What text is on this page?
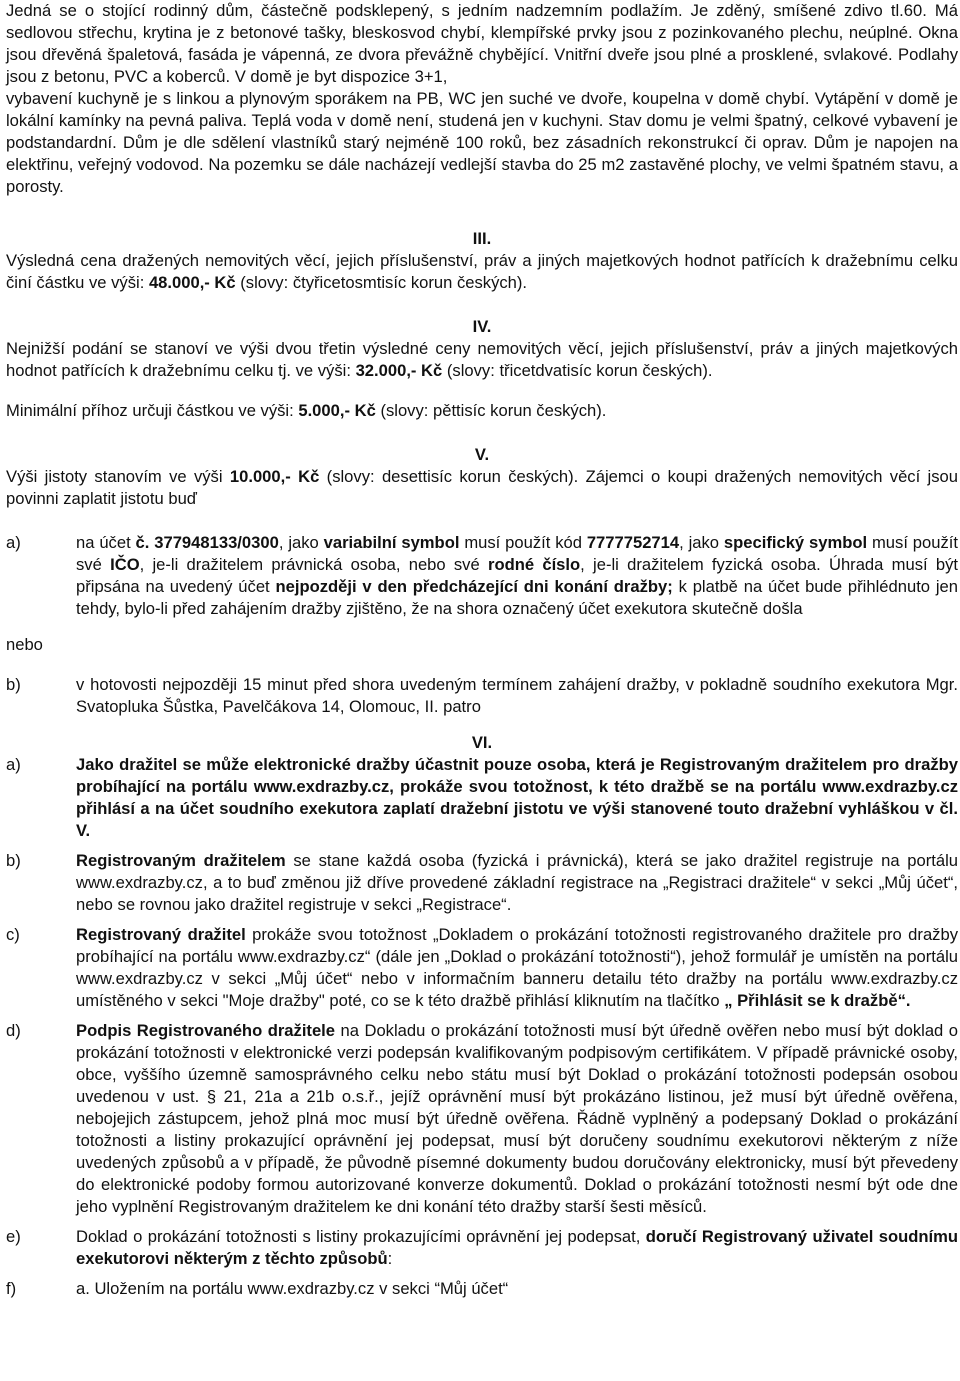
Jedná se o stojící rodinný dům, částečně podsklepený, s jedním nadzemním podlažím. Je zděný, smíšené zdivo tl.60. Má sedlovou střechu, krytina je z betonové tašky, bleskosvod chybí, klempířské prvky jsou z pozinkovaného plechu, neúplné. Okna jsou dřevěná špaletová, fasáda je vápenná, ze dvora převážně chybějící. Vnitřní dveře jsou plné a prosklené, svlakové. Podlahy jsou z betonu, PVC a koberců. V domě je byt dispozice 3+1,

vybavení kuchyně je s linkou a plynovým sporákem na PB, WC jen suché ve dvoře, koupelna v domě chybí. Vytápění v domě je lokální kamínky na pevná paliva. Teplá voda v domě není, studená jen v kuchyni. Stav domu je velmi špatný, celkové vybavení je podstandardní. Dům je dle sdělení vlastníků starý nejméně 100 roků, bez zásadních rekonstrukcí či oprav. Dům je napojen na elektřinu, veřejný vodovod. Na pozemku se dále nacházejí vedlejší stavba do 25 m2 zastavěné plochy, ve velmi špatném stavu, a porosty.

III.

Výsledná cena dražených nemovitých věcí, jejich příslušenství, práv a jiných majetkových hodnot patřících k dražebnímu celku činí částku ve výši: 48.000,- Kč (slovy: čtyřicetosmtisíc korun českých).

IV.

Nejnižší podání se stanoví ve výši dvou třetin výsledné ceny nemovitých věcí, jejich příslušenství, práv a jiných majetkových hodnot patřících k dražebnímu celku tj. ve výši: 32.000,- Kč (slovy: třicetdvatisíc korun českých).

Minimální příhoz určuji částkou ve výši: 5.000,- Kč (slovy: pěttisíc korun českých).

V.

Výši jistoty stanovím ve výši 10.000,- Kč (slovy: desettisíc korun českých). Zájemci o koupi dražených nemovitých věcí jsou povinni zaplatit jistotu buď

a)	na účet č. 377948133/0300, jako variabilní symbol musí použít kód 7777752714, jako specifický symbol musí použít své IČO, je-li dražitelem právnická osoba, nebo své rodné číslo, je-li dražitelem fyzická osoba. Úhrada musí být připsána na uvedený účet nejpozději v den předcházející dni konání dražby; k platbě na účet bude přihlédnuto jen tehdy, bylo-li před zahájením dražby zjištěno, že na shora označený účet exekutora skutečně došla

nebo

b)	v hotovosti nejpozději 15 minut před shora uvedeným termínem zahájení dražby, v pokladně soudního exekutora Mgr. Svatopluka Šůstka, Pavelčákova 14, Olomouc, II. patro

VI.

a)	Jako dražitel se může elektronické dražby účastnit pouze osoba, která je Registrovaným dražitelem pro dražby probíhající na portálu www.exdrazby.cz, prokáže svou totožnost, k této dražbě se na portálu www.exdrazby.cz přihlásí a na účet soudního exekutora zaplatí dražební jistotu ve výši stanovené touto dražební vyhláškou v čl. V.
b)	Registrovaným dražitelem se stane každá osoba (fyzická i právnická), která se jako dražitel registruje na portálu www.exdrazby.cz, a to buď změnou již dříve provedené základní registrace na „Registraci dražitele“ v sekci „Můj účet“, nebo se rovnou jako dražitel registruje v sekci „Registrace“.
c)	Registrovaný dražitel prokáže svou totožnost „Dokladem o prokázání totožnosti registrovaného dražitele pro dražby probíhající na portálu www.exdrazby.cz“ (dále jen „Doklad o prokázání totožnosti“), jehož formulář je umístěn na portálu www.exdrazby.cz v sekci „Můj účet“ nebo v informačním banneru detailu této dražby na portálu www.exdrazby.cz umístěného v sekci "Moje dražby" poté, co se k této dražbě přihlásí kliknutím na tlačítko „ Přihlásit se k dražbě“.
d)	Podpis Registrovaného dražitele na Dokladu o prokázání totožnosti musí být úředně ověřen nebo musí být doklad o prokázání totožnosti v elektronické verzi podepsán kvalifikovaným podpisovým certifikátem. V případě právnické osoby, obce, vyššího územně samosprávného celku nebo státu musí být Doklad o prokázání totožnosti podepsán osobou uvedenou v ust. § 21, 21a a 21b o.s.ř., jejíž oprávnění musí být prokázáno listinou, jež musí být úředně ověřena, nebojejich zástupcem, jehož plná moc musí být úředně ověřena. Řádně vyplněný a podepsaný Doklad o prokázání totožnosti a listiny prokazující oprávnění jej podepsat, musí být doručeny soudnímu exekutorovi některým z níže uvedených způsobů a v případě, že původně písemné dokumenty budou doručovány elektronicky, musí být převedeny do elektronické podoby formou autorizované konverze dokumentů. Doklad o prokázání totožnosti nesmí být ode dne jeho vyplnění Registrovaným dražitelem ke dni konání této dražby starší šesti měsíců.
e)	Doklad o prokázání totožnosti s listiny prokazujícími oprávnění jej podepsat, doručí Registrovaný uživatel soudnímu exekutorovi některým z těchto způsobů:
f)	a. Uložením na portálu www.exdrazby.cz v sekci “Můj účet“
